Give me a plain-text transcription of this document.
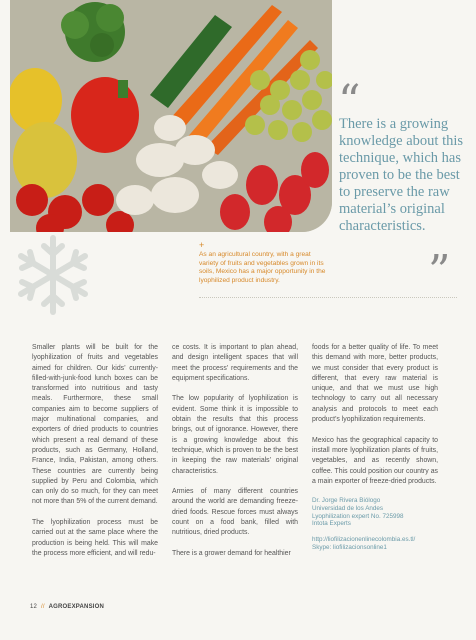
“
There is a growing knowledge about this technique, which has proven to be the best to preserve the raw material’s original characteristics.
”
+
As an agricultural country, with a great variety of fruits and vegetables grown in its soils, Mexico has a major opportunity in the lyophilized product industry.

Smaller plants will be built for the lyophilization of fruits and vegetables aimed for children. Our kids’ currently-filled-with-junk-food lunch boxes can be transformed into nutritious and tasty meals. Furthermore, these small companies aim to become suppliers of major multinational companies, and exporters of dried products to countries which present a real demand of these products, such as Germany, Holland, France, India, Pakistan, among others. These countries are currently being supplied by Peru and Colombia, which can only do so much, for they can meet not more than 5% of the current demand.

The lyophilization process must be carried out at the same place where the production is being held. This will make the process more efficient, and will redu-

ce costs. It is important to plan ahead, and design intelligent spaces that will meet the process’ requirements and the equipment specifications.

The low popularity of lyophilization is evident. Some think it is impossible to obtain the results that this process brings, out of ignorance. However, there is a growing knowledge about this technique, which is proven to be the best in keeping the raw materials’ original characteristics.

Armies of many different countries around the world are demanding freeze-dried foods. Rescue forces must always count on a food bank, filled with nutritious, dried products.

There is a grower demand for healthier

foods for a better quality of life. To meet this demand with more, better products, we must consider that every product is different, that every raw material is unique, and that we must use high technology to carry out all necessary analysis and protocols to meet each product’s lyophilization requirements.

Mexico has the geographical capacity to install more lyophilization plants of fruits, vegetables, and as recently shown, coffee. This could position our country as a main exporter of freeze-dried products.

Dr. Jorge Rivera Biólogo
Universidad de los Andes
Lyophilization expert No. 725998
Intota Experts
http://liofilizacionenlinecolombia.es.tl/
Skype: liofilizacionsonline1
12 // AGROEXPANSION
